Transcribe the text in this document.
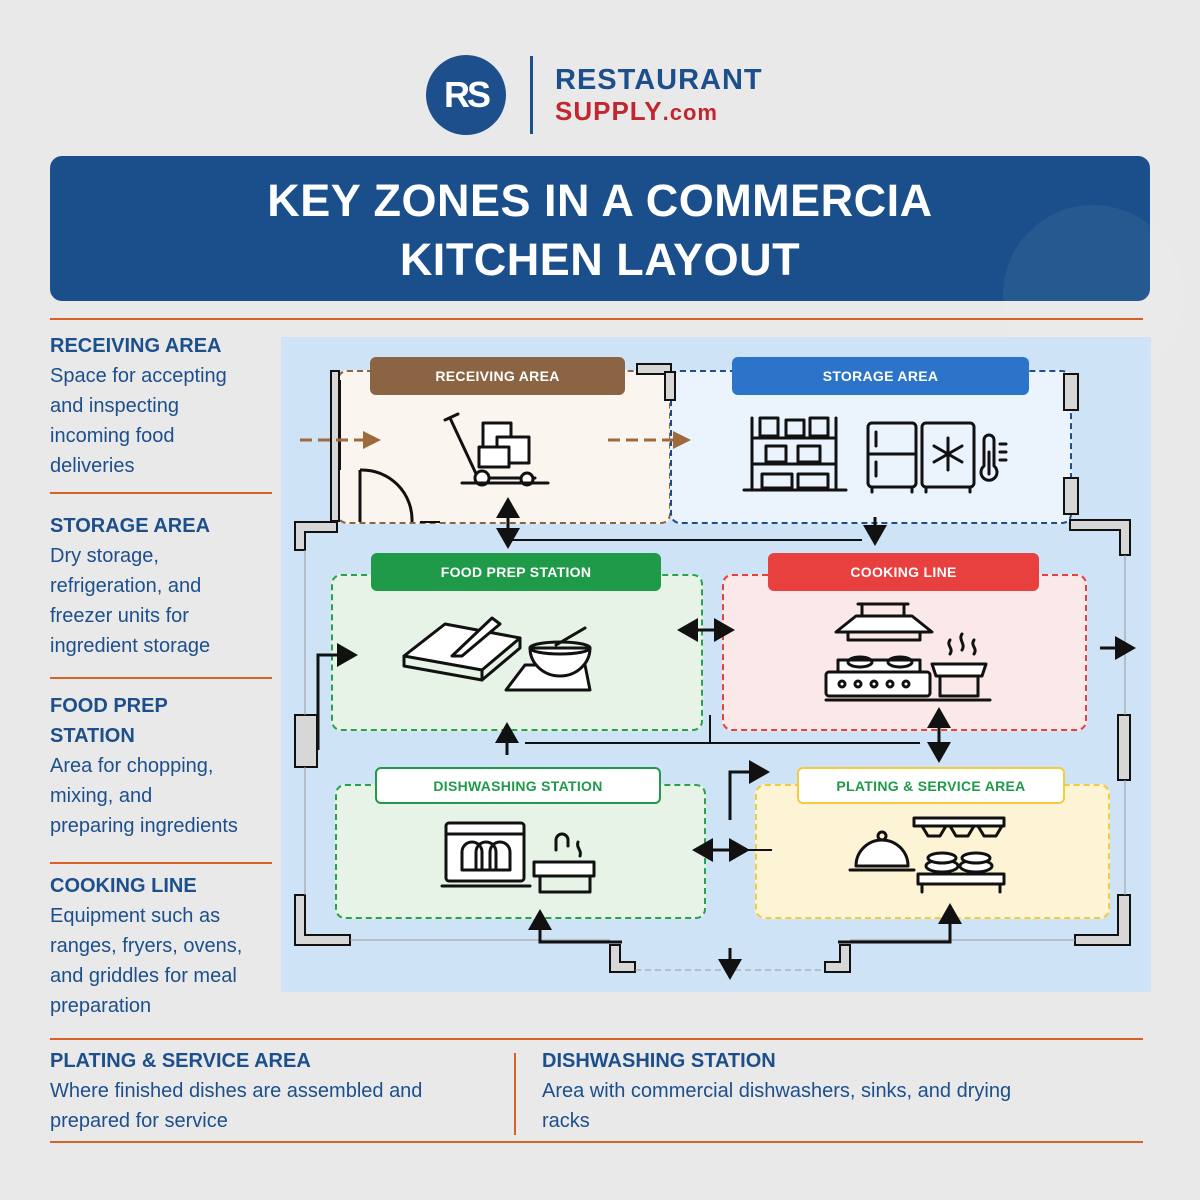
RS RESTAURANT
SUPPLY.com
KEY ZONES IN A COMMERCIA
KITCHEN LAYOUT
RECEIVING AREA
Space for accepting
and inspecting
incoming food
deliveries
STORAGE AREA
Dry storage,
refrigeration, and
freezer units for
ingredient storage
FOOD PREP
STATION
Area for chopping,
mixing, and
preparing ingredients
COOKING LINE
Equipment such as
ranges, fryers, ovens,
and griddles for meal
preparation
PLATING & SERVICE AREA
Where finished dishes are assembled and
prepared for service
DISHWASHING STATION
Area with commercial dishwashers, sinks, and drying
racks
RECEIVING AREA	STORAGE AREA
FOOD PREP STATION	COOKING LINE
DISHWASHING STATION	PLATING & SERVICE AREA
